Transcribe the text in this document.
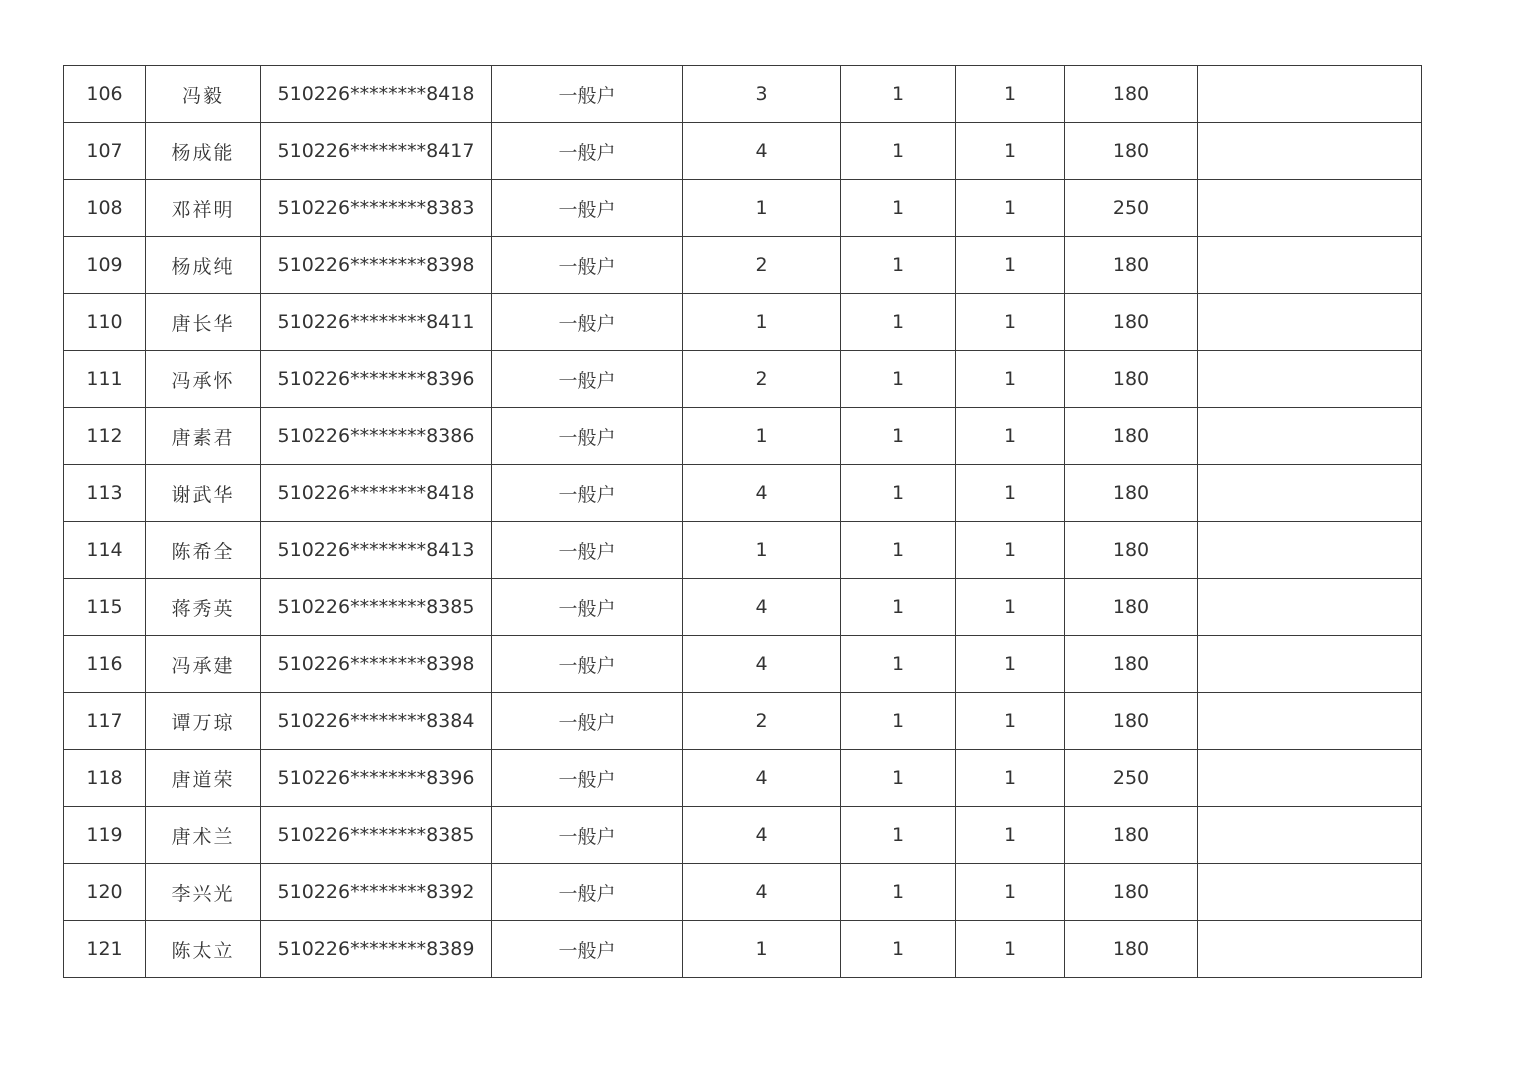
106	冯毅	510226********8418	一般户	3	1	1	180	
107	杨成能	510226********8417	一般户	4	1	1	180	
108	邓祥明	510226********8383	一般户	1	1	1	250	
109	杨成纯	510226********8398	一般户	2	1	1	180	
110	唐长华	510226********8411	一般户	1	1	1	180	
111	冯承怀	510226********8396	一般户	2	1	1	180	
112	唐素君	510226********8386	一般户	1	1	1	180	
113	谢武华	510226********8418	一般户	4	1	1	180	
114	陈希全	510226********8413	一般户	1	1	1	180	
115	蒋秀英	510226********8385	一般户	4	1	1	180	
116	冯承建	510226********8398	一般户	4	1	1	180	
117	谭万琼	510226********8384	一般户	2	1	1	180	
118	唐道荣	510226********8396	一般户	4	1	1	250	
119	唐术兰	510226********8385	一般户	4	1	1	180	
120	李兴光	510226********8392	一般户	4	1	1	180	
121	陈太立	510226********8389	一般户	1	1	1	180	
